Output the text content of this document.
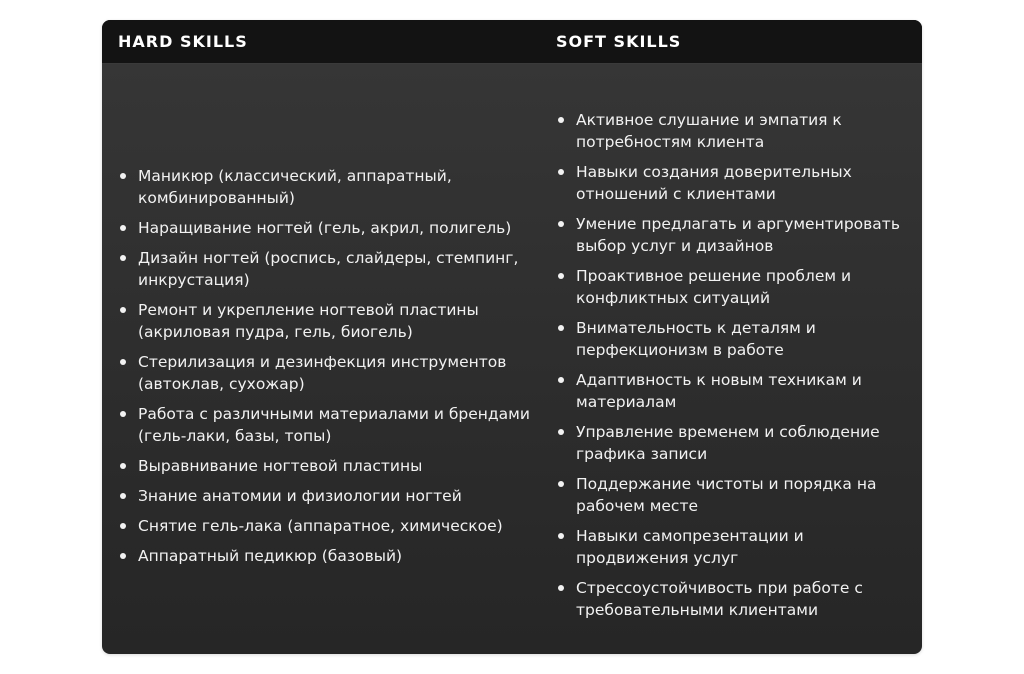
HARD SKILLS	SOFT SKILLS
Маникюр (классический, аппаратный, комбинированный)
Наращивание ногтей (гель, акрил, полигель)
Дизайн ногтей (роспись, слайдеры, стемпинг, инкрустация)
Ремонт и укрепление ногтевой пластины (акриловая пудра, гель, биогель)
Стерилизация и дезинфекция инструментов (автоклав, сухожар)
Работа с различными материалами и брендами (гель-лаки, базы, топы)
Выравнивание ногтевой пластины
Знание анатомии и физиологии ногтей
Снятие гель-лака (аппаратное, химическое)
Аппаратный педикюр (базовый)
Активное слушание и эмпатия к потребностям клиента
Навыки создания доверительных отношений с клиентами
Умение предлагать и аргументировать выбор услуг и дизайнов
Проактивное решение проблем и конфликтных ситуаций
Внимательность к деталям и перфекционизм в работе
Адаптивность к новым техникам и материалам
Управление временем и соблюдение графика записи
Поддержание чистоты и порядка на рабочем месте
Навыки самопрезентации и продвижения услуг
Стрессоустойчивость при работе с требовательными клиентами
